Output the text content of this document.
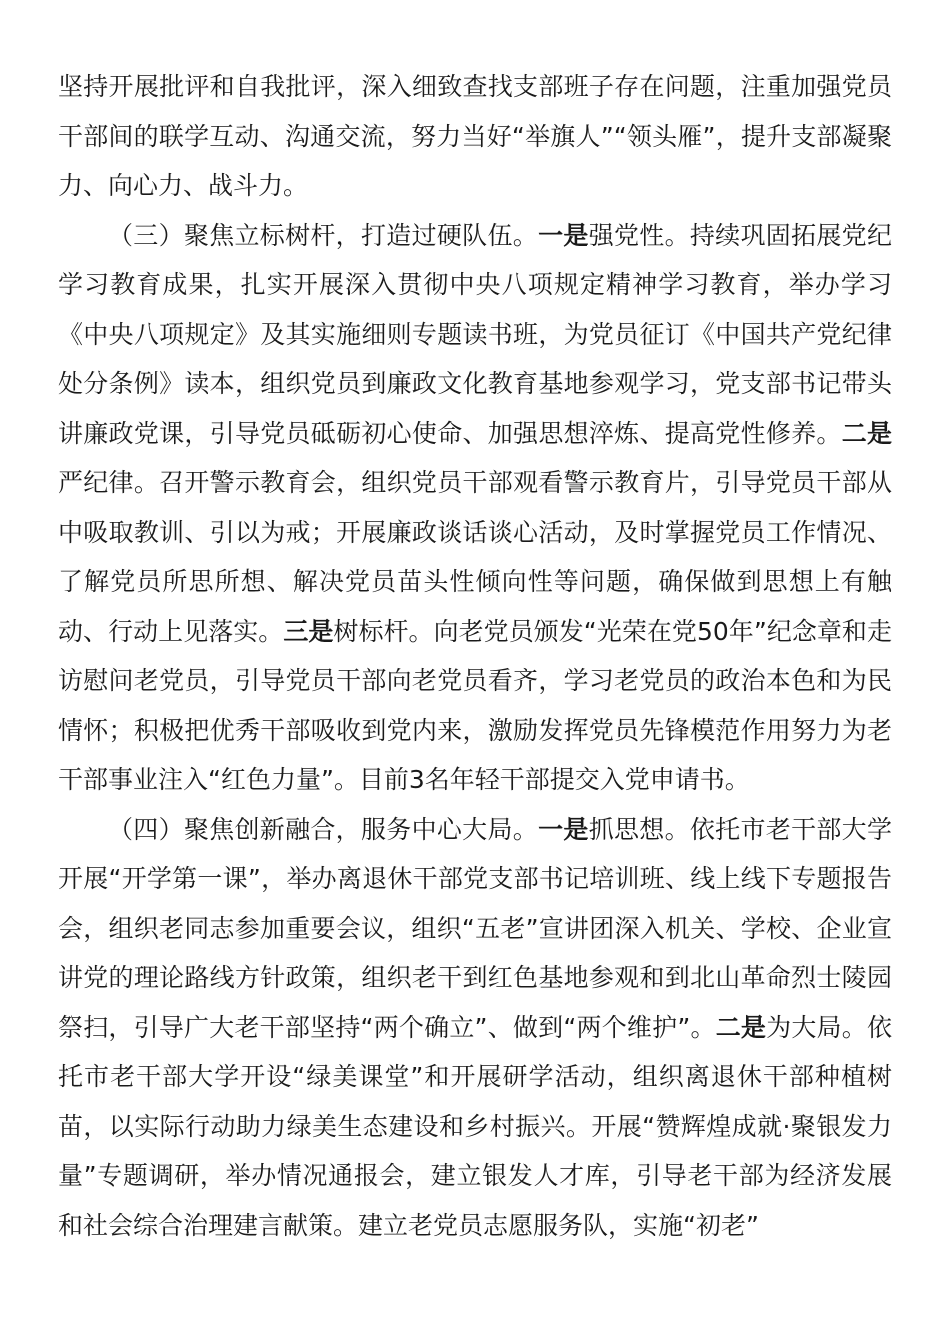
坚持开展批评和自我批评，深入细致查找支部班子存在问题，注重加强党员干部间的联学互动、沟通交流，努力当好“举旗人”“领头雁”，提升支部凝聚力、向心力、战斗力。

（三）聚焦立标树杆，打造过硬队伍。一是强党性。持续巩固拓展党纪学习教育成果，扎实开展深入贯彻中央八项规定精神学习教育，举办学习《中央八项规定》及其实施细则专题读书班，为党员征订《中国共产党纪律处分条例》读本，组织党员到廉政文化教育基地参观学习，党支部书记带头讲廉政党课，引导党员砥砺初心使命、加强思想淬炼、提高党性修养。二是严纪律。召开警示教育会，组织党员干部观看警示教育片，引导党员干部从中吸取教训、引以为戒；开展廉政谈话谈心活动，及时掌握党员工作情况、了解党员所思所想、解决党员苗头性倾向性等问题，确保做到思想上有触动、行动上见落实。三是树标杆。向老党员颁发“光荣在党50年”纪念章和走访慰问老党员，引导党员干部向老党员看齐，学习老党员的政治本色和为民情怀；积极把优秀干部吸收到党内来，激励发挥党员先锋模范作用努力为老干部事业注入“红色力量”。目前3名年轻干部提交入党申请书。

（四）聚焦创新融合，服务中心大局。一是抓思想。依托市老干部大学开展“开学第一课”，举办离退休干部党支部书记培训班、线上线下专题报告会，组织老同志参加重要会议，组织“五老”宣讲团深入机关、学校、企业宣讲党的理论路线方针政策，组织老干到红色基地参观和到北山革命烈士陵园祭扫，引导广大老干部坚持“两个确立”、做到“两个维护”。二是为大局。依托市老干部大学开设“绿美课堂”和开展研学活动，组织离退休干部种植树苗，以实际行动助力绿美生态建设和乡村振兴。开展“赞辉煌成就·聚银发力量”专题调研，举办情况通报会，建立银发人才库，引导老干部为经济发展和社会综合治理建言献策。建立老党员志愿服务队，实施“初老”
